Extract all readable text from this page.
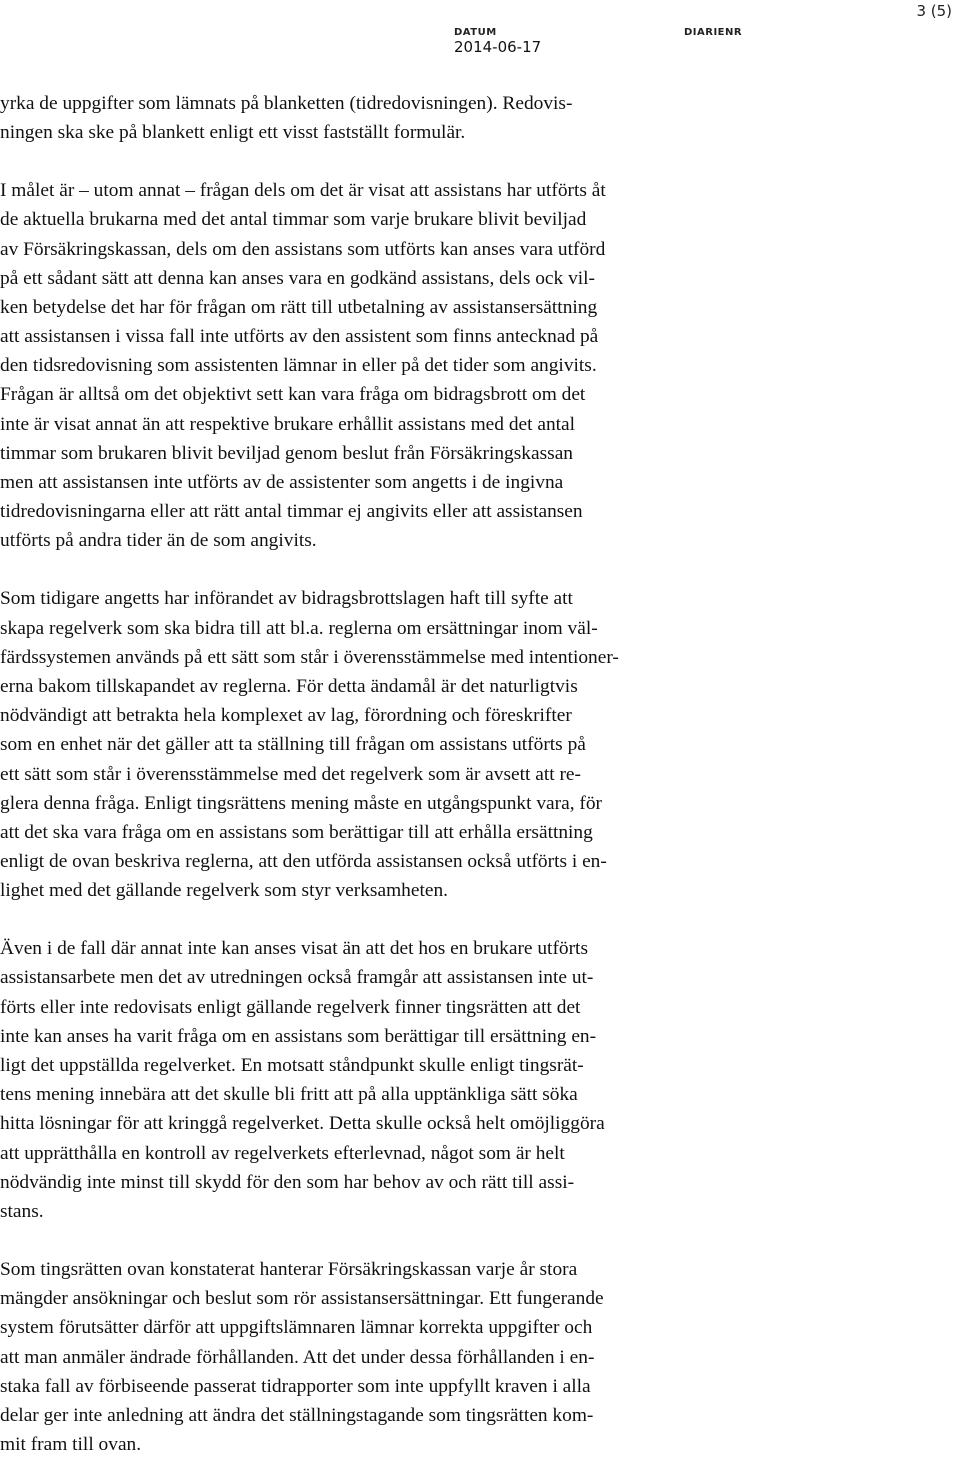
3 (5)
DATUM
2014-06-17
DIARIENR
yrka de uppgifter som lämnats på blanketten (tidredovisningen). Redovis-
ningen ska ske på blankett enligt ett visst fastställt formulär.
I målet är – utom annat – frågan dels om det är visat att assistans har utförts åt
de aktuella brukarna med det antal timmar som varje brukare blivit beviljad
av Försäkringskassan, dels om den assistans som utförts kan anses vara utförd
på ett sådant sätt att denna kan anses vara en godkänd assistans, dels ock vil-
ken betydelse det har för frågan om rätt till utbetalning av assistansersättning
att assistansen i vissa fall inte utförts av den assistent som finns antecknad på
den tidsredovisning som assistenten lämnar in eller på det tider som angivits.
Frågan är alltså om det objektivt sett kan vara fråga om bidragsbrott om det
inte är visat annat än att respektive brukare erhållit assistans med det antal
timmar som brukaren blivit beviljad genom beslut från Försäkringskassan
men att assistansen inte utförts av de assistenter som angetts i de ingivna
tidredovisningarna eller att rätt antal timmar ej angivits eller att assistansen
utförts på andra tider än de som angivits.
Som tidigare angetts har införandet av bidragsbrottslagen haft till syfte att
skapa regelverk som ska bidra till att bl.a. reglerna om ersättningar inom väl-
färdssystemen används på ett sätt som står i överensstämmelse med intentioner-
erna bakom tillskapandet av reglerna. För detta ändamål är det naturligtvis
nödvändigt att betrakta hela komplexet av lag, förordning och föreskrifter
som en enhet när det gäller att ta ställning till frågan om assistans utförts på
ett sätt som står i överensstämmelse med det regelverk som är avsett att re-
glera denna fråga. Enligt tingsrättens mening måste en utgångspunkt vara, för
att det ska vara fråga om en assistans som berättigar till att erhålla ersättning
enligt de ovan beskriva reglerna, att den utförda assistansen också utförts i en-
lighet med det gällande regelverk som styr verksamheten.
Även i de fall där annat inte kan anses visat än att det hos en brukare utförts
assistansarbete men det av utredningen också framgår att assistansen inte ut-
förts eller inte redovisats enligt gällande regelverk finner tingsrätten att det
inte kan anses ha varit fråga om en assistans som berättigar till ersättning en-
ligt det uppställda regelverket. En motsatt ståndpunkt skulle enligt tingsrät-
tens mening innebära att det skulle bli fritt att på alla upptänkliga sätt söka
hitta lösningar för att kringgå regelverket. Detta skulle också helt omöjliggöra
att upprätthålla en kontroll av regelverkets efterlevnad, något som är helt
nödvändig inte minst till skydd för den som har behov av och rätt till assi-
stans.
Som tingsrätten ovan konstaterat hanterar Försäkringskassan varje år stora
mängder ansökningar och beslut som rör assistansersättningar. Ett fungerande
system förutsätter därför att uppgiftslämnaren lämnar korrekta uppgifter och
att man anmäler ändrade förhållanden. Att det under dessa förhållanden i en-
staka fall av förbiseende passerat tidrapporter som inte uppfyllt kraven i alla
delar ger inte anledning att ändra det ställningstagande som tingsrätten kom-
mit fram till ovan.
